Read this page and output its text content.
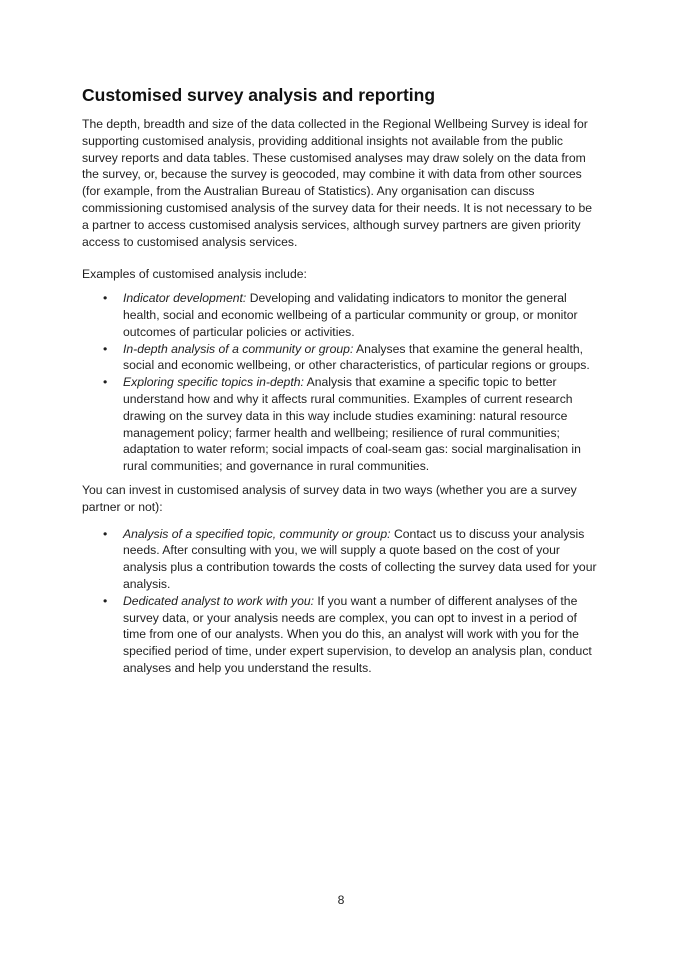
Customised survey analysis and reporting

The depth, breadth and size of the data collected in the Regional Wellbeing Survey is ideal for supporting customised analysis, providing additional insights not available from the public survey reports and data tables. These customised analyses may draw solely on the data from the survey, or, because the survey is geocoded, may combine it with data from other sources (for example, from the Australian Bureau of Statistics). Any organisation can discuss commissioning customised analysis of the survey data for their needs. It is not necessary to be a partner to access customised analysis services, although survey partners are given priority access to customised analysis services.

Examples of customised analysis include:

• Indicator development: Developing and validating indicators to monitor the general health, social and economic wellbeing of a particular community or group, or monitor outcomes of particular policies or activities.
• In-depth analysis of a community or group: Analyses that examine the general health, social and economic wellbeing, or other characteristics, of particular regions or groups.
• Exploring specific topics in-depth: Analysis that examine a specific topic to better understand how and why it affects rural communities. Examples of current research drawing on the survey data in this way include studies examining: natural resource management policy; farmer health and wellbeing; resilience of rural communities; adaptation to water reform; social impacts of coal-seam gas: social marginalisation in rural communities; and governance in rural communities.

You can invest in customised analysis of survey data in two ways (whether you are a survey partner or not):

• Analysis of a specified topic, community or group: Contact us to discuss your analysis needs. After consulting with you, we will supply a quote based on the cost of your analysis plus a contribution towards the costs of collecting the survey data used for your analysis.
• Dedicated analyst to work with you: If you want a number of different analyses of the survey data, or your analysis needs are complex, you can opt to invest in a period of time from one of our analysts. When you do this, an analyst will work with you for the specified period of time, under expert supervision, to develop an analysis plan, conduct analyses and help you understand the results.
8
